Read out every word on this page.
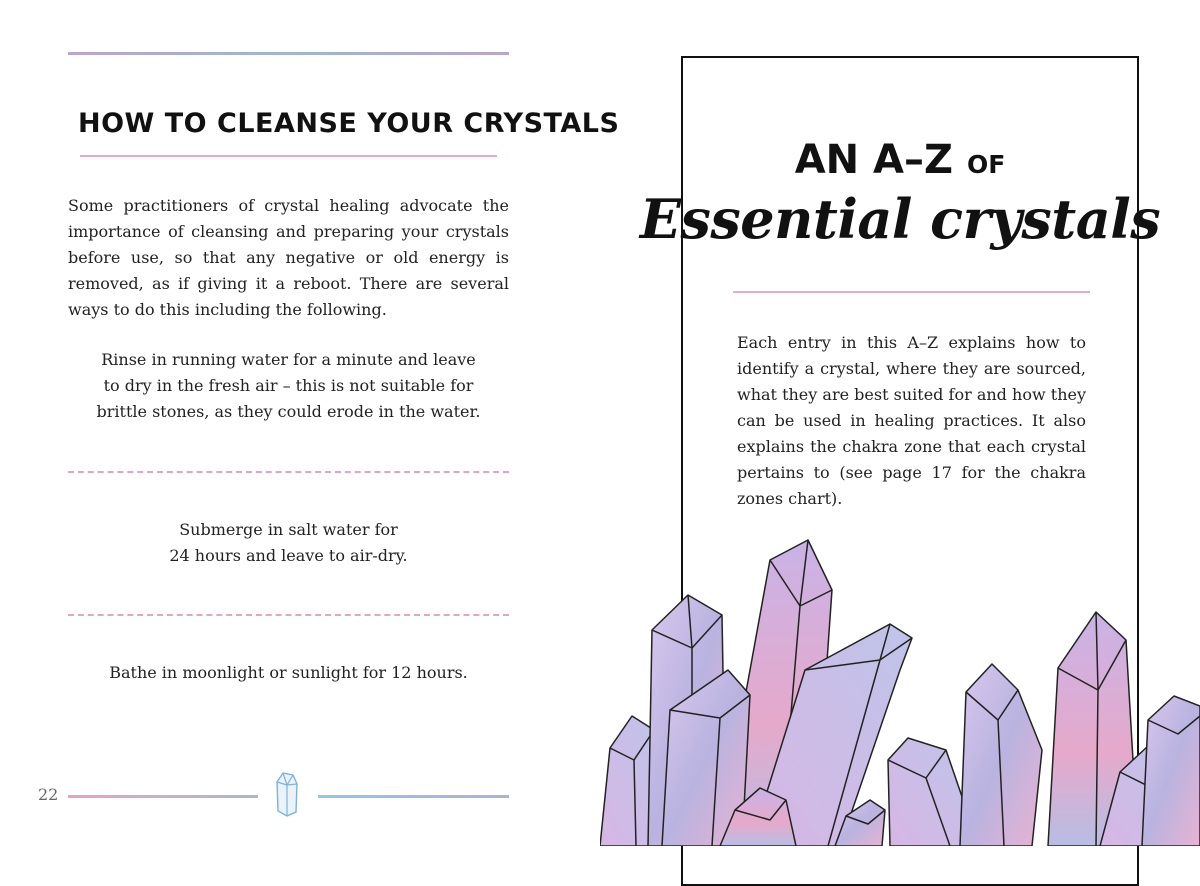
HOW TO CLEANSE YOUR CRYSTALS

Some practitioners of crystal healing advocate the importance of cleansing and preparing your crystals before use, so that any negative or old energy is removed, as if giving it a reboot. There are several ways to do this including the following.

Rinse in running water for a minute and leave
to dry in the fresh air – this is not suitable for
brittle stones, as they could erode in the water.

Submerge in salt water for
24 hours and leave to air-dry.

Bathe in moonlight or sunlight for 12 hours.

22
AN A–Z OF
Essential crystals

Each entry in this A–Z explains how to identify a crystal, where they are sourced, what they are best suited for and how they can be used in healing practices. It also explains the chakra zone that each crystal pertains to (see page 17 for the chakra zones chart).
